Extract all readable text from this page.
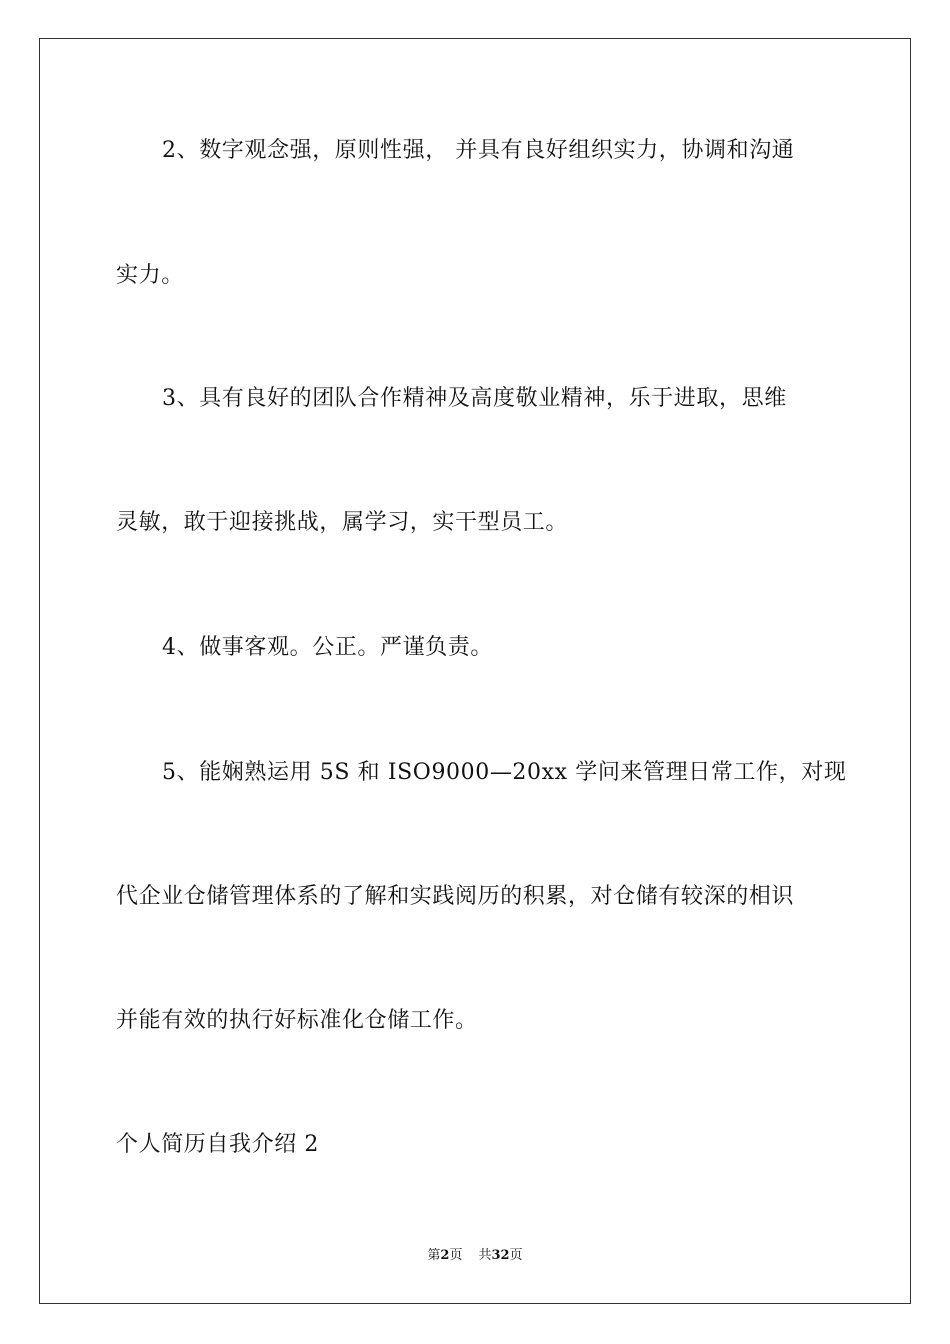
2、数字观念强，原则性强， 并具有良好组织实力，协调和沟通
实力。
3、具有良好的团队合作精神及高度敬业精神，乐于进取，思维
灵敏，敢于迎接挑战，属学习，实干型员工。
4、做事客观。公正。严谨负责。
5、能娴熟运用 5S 和 ISO9000—20xx 学问来管理日常工作，对现
代企业仓储管理体系的了解和实践阅历的积累，对仓储有较深的相识
并能有效的执行好标准化仓储工作。
个人简历自我介绍 2
第2页 共32页
